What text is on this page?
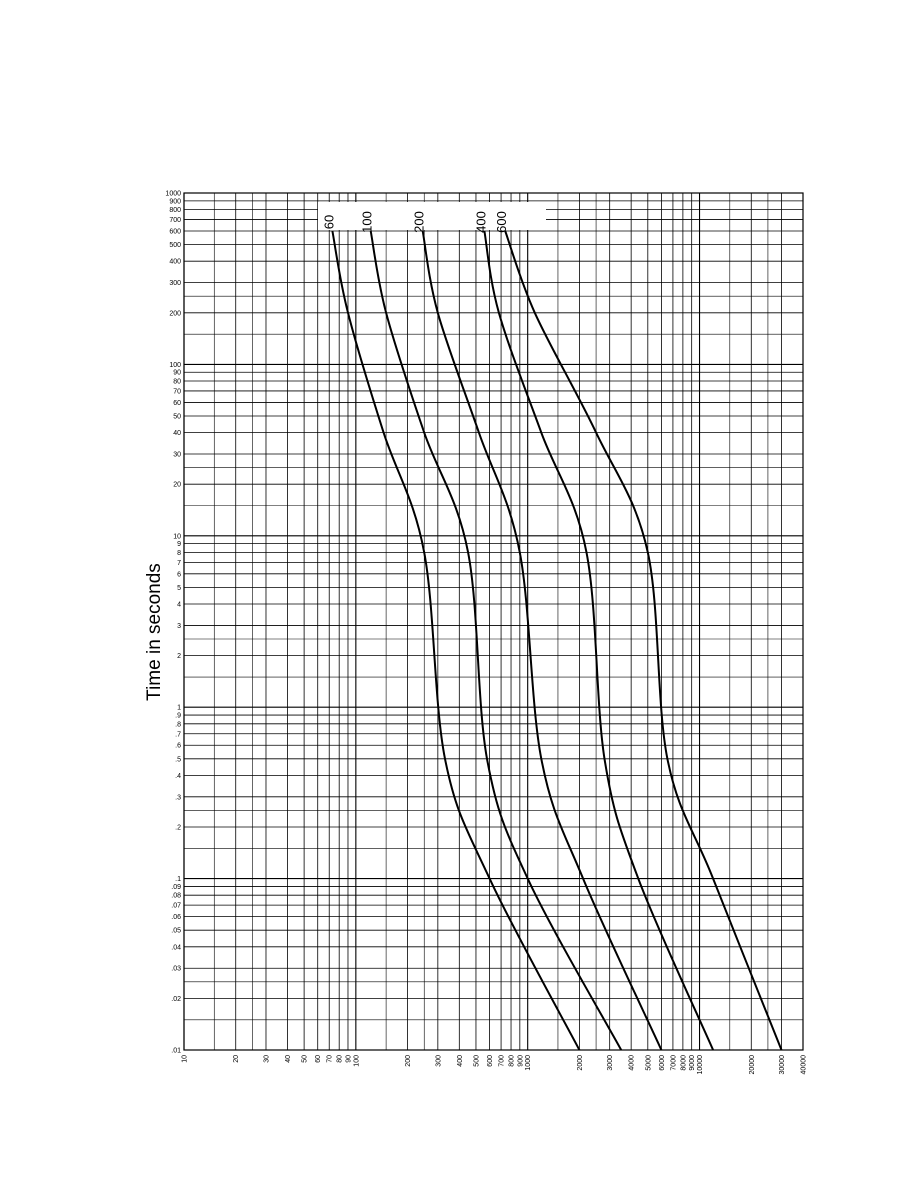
Time in seconds
60 100	200	400 600
1000
900
800
700
600
500
400
300
200
100
90
80
70
60
50
40
30
20
10
9
8
7
6
5
4
3
2
1
.9
.8
.7
.6
.5
.4
.3
.2
.1
.09
.08
.07
.06
.05
.04
.03
.02
.01
10	20	30 40 50 60 70 80 90 100	200	300 400 500 600 700 800 900 1000	2000	3000 4000 5000 6000 7000 8000 9000 10000	20000	30000 40000
